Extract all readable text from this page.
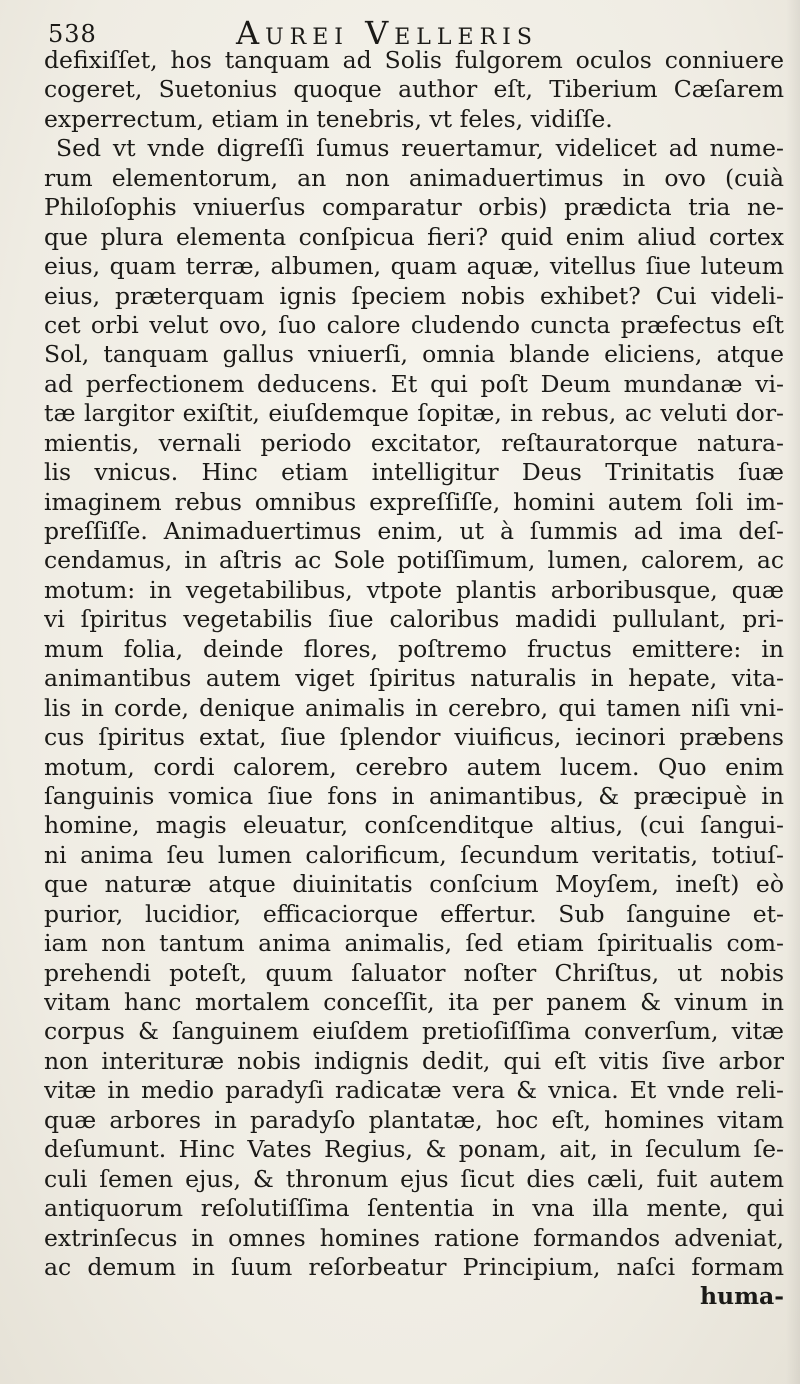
538	Aurei Velleris
defixiſſet, hos tanquam ad Solis fulgorem oculos conniuere
cogeret, Suetonius quoque author eſt, Tiberium Cæſarem
experrectum, etiam in tenebris, vt feles, vidiſſe.
Sed vt vnde digreſſi ſumus reuertamur, videlicet ad nume-
rum elementorum, an non animaduertimus in ovo (cuià
Philoſophis vniuerſus comparatur orbis) prædicta tria ne-
que plura elementa conſpicua fieri? quid enim aliud cortex
eius, quam terræ, albumen, quam aquæ, vitellus ſiue luteum
eius, præterquam ignis ſpeciem nobis exhibet? Cui videli-
cet orbi velut ovo, ſuo calore cludendo cuncta præfectus eſt
Sol, tanquam gallus vniuerſi, omnia blande eliciens, atque
ad perfectionem deducens. Et qui poſt Deum mundanæ vi-
tæ largitor exiſtit, eiuſdemque ſopitæ, in rebus, ac veluti dor-
mientis, vernali periodo excitator, reſtauratorque natura-
lis vnicus. Hinc etiam intelligitur Deus Trinitatis ſuæ
imaginem rebus omnibus expreſſiſſe, homini autem ſoli im-
preſſiſſe. Animaduertimus enim, ut à ſummis ad ima deſ-
cendamus, in aſtris ac Sole potiſſimum, lumen, calorem, ac
motum: in vegetabilibus, vtpote plantis arboribusque, quæ
vi ſpiritus vegetabilis ſiue caloribus madidi pullulant, pri-
mum folia, deinde flores, poſtremo fructus emittere: in
animantibus autem viget ſpiritus naturalis in hepate, vita-
lis in corde, denique animalis in cerebro, qui tamen niſi vni-
cus ſpiritus extat, ſiue ſplendor viuificus, iecinori præbens
motum, cordi calorem, cerebro autem lucem. Quo enim
ſanguinis vomica ſiue fons in animantibus, & præcipuè in
homine, magis eleuatur, conſcenditque altius, (cui ſangui-
ni anima ſeu lumen calorificum, ſecundum veritatis, totiuſ-
que naturæ atque diuinitatis conſcium Moyſem, ineſt) eò
purior, lucidior, efficaciorque effertur. Sub ſanguine et-
iam non tantum anima animalis, ſed etiam ſpiritualis com-
prehendi poteſt, quum ſaluator noſter Chriſtus, ut nobis
vitam hanc mortalem conceſſit, ita per panem & vinum in
corpus & ſanguinem eiuſdem pretioſiſſima converſum, vitæ
non interituræ nobis indignis dedit, qui eſt vitis ſive arbor
vitæ in medio paradyſi radicatæ vera & vnica. Et vnde reli-
quæ arbores in paradyſo plantatæ, hoc eſt, homines vitam
deſumunt. Hinc Vates Regius, & ponam, ait, in ſeculum ſe-
culi ſemen ejus, & thronum ejus ſicut dies cæli, fuit autem
antiquorum reſolutiſſima ſententia in vna illa mente, qui
extrinſecus in omnes homines ratione formandos adveniat,
ac demum in ſuum reſorbeatur Principium, naſci formam
huma-
